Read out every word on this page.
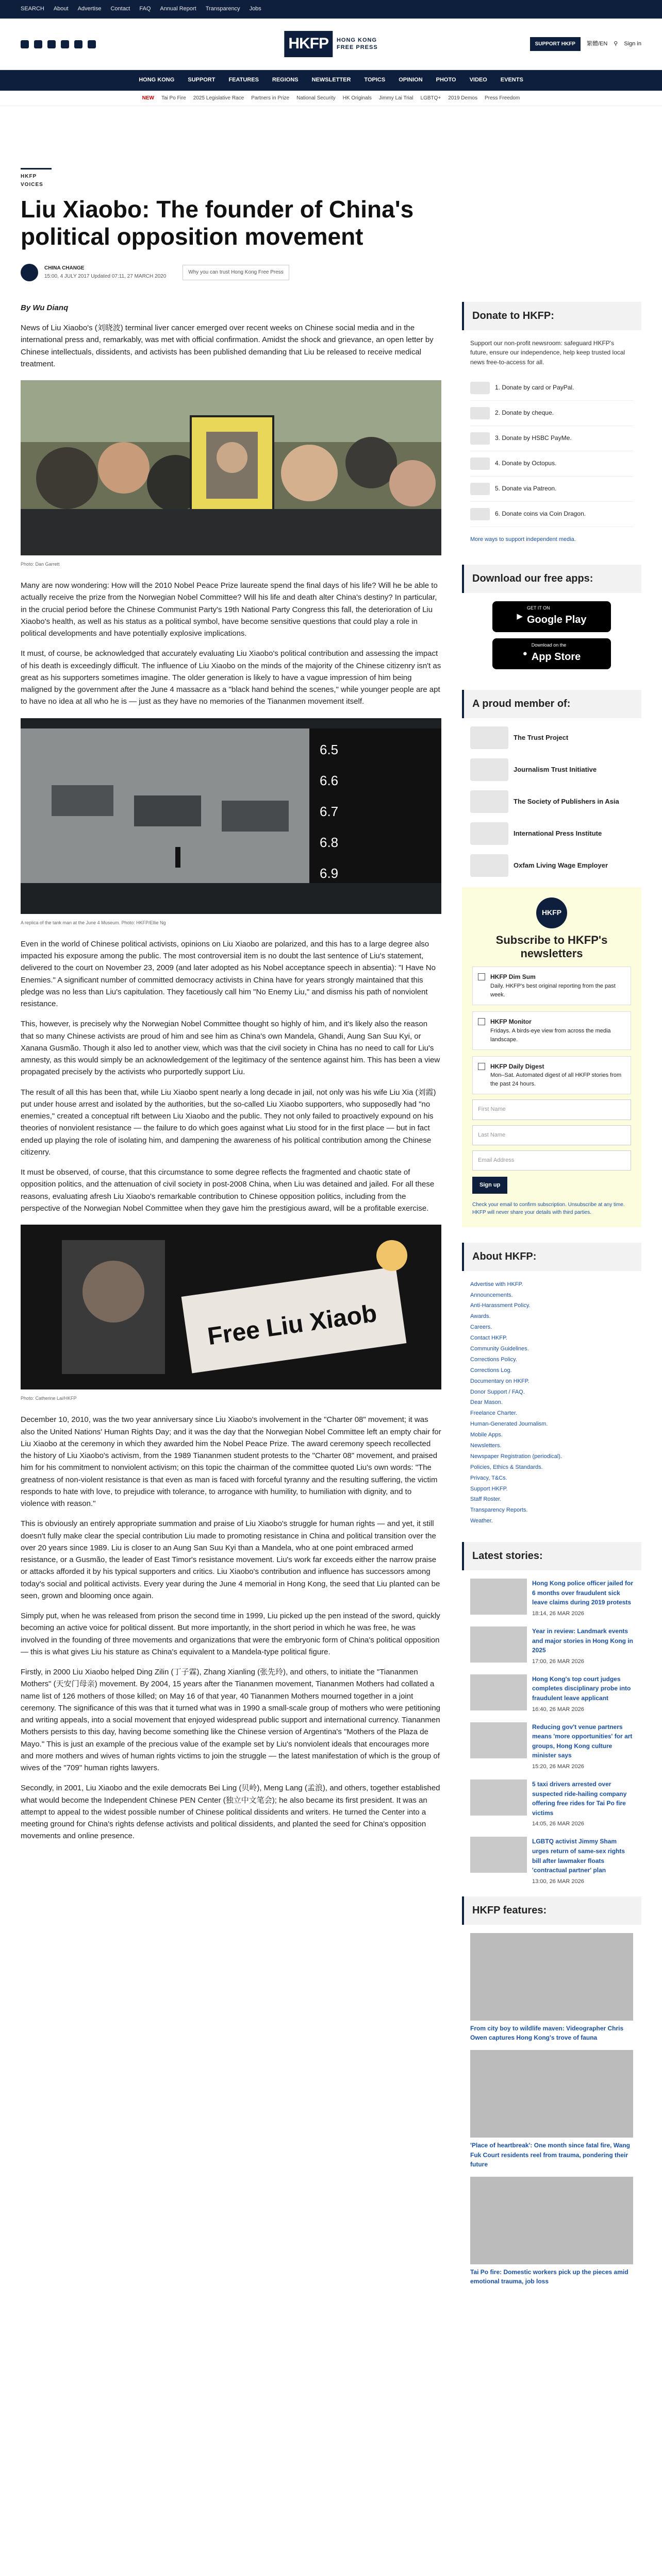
SEARCH About Advertise Contact FAQ Annual Report Transparency Jobs
HKFP	HONG KONG
FREE PRESS
SUPPORT HKFP	繁體/EN ⚲ Sign in
HONG KONG SUPPORT FEATURES REGIONS NEWSLETTER TOPICS OPINION PHOTO VIDEO EVENTS
NEW Tai Po Fire 2025 Legislative Race Partners in Prize National Security HK Originals Jimmy Lai Trial LGBTQ+ 2019 Demos Press Freedom
HKFP VOICES
Liu Xiaobo: The founder of China's political opposition movement
CHINA CHANGE
15:00, 4 JULY 2017 Updated 07:11, 27 MARCH 2020
Why you can trust Hong Kong Free Press
By Wu Dianq

News of Liu Xiaobo's (刘晓波) terminal liver cancer emerged over recent weeks on Chinese social media and in the international press and, remarkably, was met with official confirmation. Amidst the shock and grievance, an open letter by Chinese intellectuals, dissidents, and activists has been published demanding that Liu be released to receive medical treatment.

Photo: Dan Garrett

Many are now wondering: How will the 2010 Nobel Peace Prize laureate spend the final days of his life? Will he be able to actually receive the prize from the Norwegian Nobel Committee? Will his life and death alter China's destiny? In particular, in the crucial period before the Chinese Communist Party's 19th National Party Congress this fall, the deterioration of Liu Xiaobo's health, as well as his status as a political symbol, have become sensitive questions that could play a role in political developments and have potentially explosive implications.

It must, of course, be acknowledged that accurately evaluating Liu Xiaobo's political contribution and assessing the impact of his death is exceedingly difficult. The influence of Liu Xiaobo on the minds of the majority of the Chinese citizenry isn't as great as his supporters sometimes imagine. The older generation is likely to have a vague impression of him being maligned by the government after the June 4 massacre as a "black hand behind the scenes," while younger people are apt to have no idea at all who he is — just as they have no memories of the Tiananmen movement itself.

6.5
6.6
6.7
6.8
6.9
A replica of the tank man at the June 4 Museum. Photo: HKFP/Ellie Ng

Even in the world of Chinese political activists, opinions on Liu Xiaobo are polarized, and this has to a large degree also impacted his exposure among the public. The most controversial item is no doubt the last sentence of Liu's statement, delivered to the court on November 23, 2009 (and later adopted as his Nobel acceptance speech in absentia): "I Have No Enemies." A significant number of committed democracy activists in China have for years strongly maintained that this pledge was no less than Liu's capitulation. They facetiously call him "No Enemy Liu," and dismiss his path of nonviolent resistance.

This, however, is precisely why the Norwegian Nobel Committee thought so highly of him, and it's likely also the reason that so many Chinese activists are proud of him and see him as China's own Mandela, Ghandi, Aung San Suu Kyi, or Xanana Gusmão. Though it also led to another view, which was that the civil society in China has no need to call for Liu's amnesty, as this would simply be an acknowledgement of the legitimacy of the sentence against him. This has been a view propagated precisely by the activists who purportedly support Liu.

The result of all this has been that, while Liu Xiaobo spent nearly a long decade in jail, not only was his wife Liu Xia (刘霞) put under house arrest and isolated by the authorities, but the so-called Liu Xiaobo supporters, who supposedly had "no enemies," created a conceptual rift between Liu Xiaobo and the public. They not only failed to proactively expound on his theories of nonviolent resistance — the failure to do which goes against what Liu stood for in the first place — but in fact ended up playing the role of isolating him, and dampening the awareness of his political contribution among the Chinese citizenry.

It must be observed, of course, that this circumstance to some degree reflects the fragmented and chaotic state of opposition politics, and the attenuation of civil society in post-2008 China, when Liu was detained and jailed. For all these reasons, evaluating afresh Liu Xiaobo's remarkable contribution to Chinese opposition politics, including from the perspective of the Norwegian Nobel Committee when they gave him the prestigious award, will be a profitable exercise.

Free Liu Xiaob
Photo: Catherine Lai/HKFP

December 10, 2010, was the two year anniversary since Liu Xiaobo's involvement in the "Charter 08" movement; it was also the United Nations' Human Rights Day; and it was the day that the Norwegian Nobel Committee left an empty chair for Liu Xiaobo at the ceremony in which they awarded him the Nobel Peace Prize. The award ceremony speech recollected the history of Liu Xiaobo's activism, from the 1989 Tiananmen student protests to the "Charter 08" movement, and praised him for his commitment to nonviolent activism; on this topic the chairman of the committee quoted Liu's own words: "The greatness of non-violent resistance is that even as man is faced with forceful tyranny and the resulting suffering, the victim responds to hate with love, to prejudice with tolerance, to arrogance with humility, to humiliation with dignity, and to violence with reason."

This is obviously an entirely appropriate summation and praise of Liu Xiaobo's struggle for human rights — and yet, it still doesn't fully make clear the special contribution Liu made to promoting resistance in China and political transition over the over 20 years since 1989. Liu is closer to an Aung San Suu Kyi than a Mandela, who at one point embraced armed resistance, or a Gusmão, the leader of East Timor's resistance movement. Liu's work far exceeds either the narrow praise or attacks afforded it by his typical supporters and critics. Liu Xiaobo's contribution and influence has successors among today's social and political activists. Every year during the June 4 memorial in Hong Kong, the seed that Liu planted can be seen, grown and blooming once again.

Simply put, when he was released from prison the second time in 1999, Liu picked up the pen instead of the sword, quickly becoming an active voice for political dissent. But more importantly, in the short period in which he was free, he was involved in the founding of three movements and organizations that were the embryonic form of China's political opposition — this is what gives Liu his stature as China's equivalent to a Mandela-type political figure.

Firstly, in 2000 Liu Xiaobo helped Ding Zilin (丁子霖), Zhang Xianling (张先玲), and others, to initiate the "Tiananmen Mothers" (天安门母亲) movement. By 2004, 15 years after the Tiananmen movement, Tiananmen Mothers had collated a name list of 126 mothers of those killed; on May 16 of that year, 40 Tiananmen Mothers mourned together in a joint ceremony. The significance of this was that it turned what was in 1990 a small-scale group of mothers who were petitioning and writing appeals, into a social movement that enjoyed widespread public support and international currency. Tiananmen Mothers persists to this day, having become something like the Chinese version of Argentina's "Mothers of the Plaza de Mayo." This is just an example of the precious value of the example set by Liu's nonviolent ideals that encourages more and more mothers and wives of human rights victims to join the struggle — the latest manifestation of which is the group of wives of the "709" human rights lawyers.

Secondly, in 2001, Liu Xiaobo and the exile democrats Bei Ling (贝岭), Meng Lang (孟浪), and others, together established what would become the Independent Chinese PEN Center (独立中文笔会); he also became its first president. It was an attempt to appeal to the widest possible number of Chinese political dissidents and writers. He turned the Center into a meeting ground for China's rights defense activists and political dissidents, and planted the seed for China's opposition movements and online presence.

Donate to HKFP:

Support our non-profit newsroom: safeguard HKFP's future, ensure our independence, help keep trusted local news free-to-access for all.

1. Donate by card or PayPal.
2. Donate by cheque.
3. Donate by HSBC PayMe.
4. Donate by Octopus.
5. Donate via Patreon.
6. Donate coins via Coin Dragon.
More ways to support independent media.
Download our free apps:
▶
GET IT ON
Google Play
●
Download on the
App Store
A proud member of:
The Trust Project
Journalism Trust Initiative
The Society of Publishers in Asia
International Press Institute
Oxfam Living Wage Employer
HKFP
Subscribe to HKFP's newsletters
HKFP Dim Sum
Daily. HKFP's best original reporting from the past week.
HKFP Monitor
Fridays. A birds-eye view from across the media landscape.
HKFP Daily Digest
Mon–Sat. Automated digest of all HKFP stories from the past 24 hours.
First Name
Last Name
Email Address
Sign up
Check your email to confirm subscription. Unsubscribe at any time. HKFP will never share your details with third parties.
About HKFP:
Advertise with HKFP.
Announcements.
Anti-Harassment Policy.
Awards.
Careers.
Contact HKFP.
Community Guidelines.
Corrections Policy.
Corrections Log.
Documentary on HKFP.
Donor Support / FAQ.
Dear Mason.
Freelance Charter.
Human-Generated Journalism.
Mobile Apps.
Newsletters.
Newspaper Registration (periodical).
Policies, Ethics & Standards.
Privacy, T&Cs.
Support HKFP.
Staff Roster.
Transparency Reports.
Weather.
Latest stories:
Hong Kong police officer jailed for 6 months over fraudulent sick leave claims during 2019 protests
18:14, 26 MAR 2026
Year in review: Landmark events and major stories in Hong Kong in 2025
17:00, 26 MAR 2026
Hong Kong's top court judges completes disciplinary probe into fraudulent leave applicant
16:40, 26 MAR 2026
Reducing gov't venue partners means 'more opportunities' for art groups, Hong Kong culture minister says
15:20, 26 MAR 2026
5 taxi drivers arrested over suspected ride-hailing company offering free rides for Tai Po fire victims
14:05, 26 MAR 2026
LGBTQ activist Jimmy Sham urges return of same-sex rights bill after lawmaker floats 'contractual partner' plan
13:00, 26 MAR 2026
HKFP features:
From city boy to wildlife maven: Videographer Chris Owen captures Hong Kong's trove of fauna
'Place of heartbreak': One month since fatal fire, Wang Fuk Court residents reel from trauma, pondering their future
Tai Po fire: Domestic workers pick up the pieces amid emotional trauma, job loss
